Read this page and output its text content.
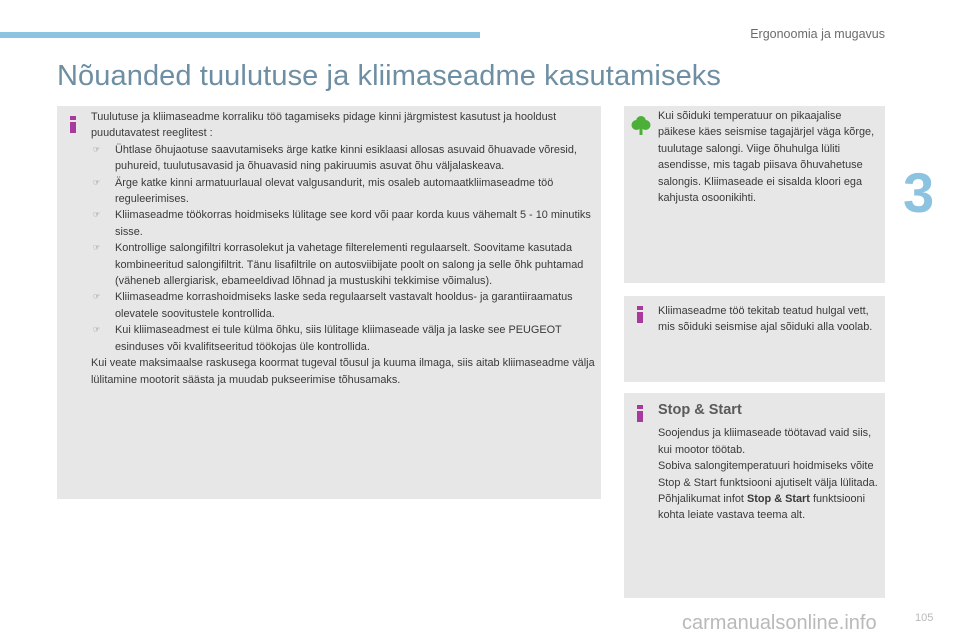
Ergonoomia ja mugavus
3
Nõuanded tuulutuse ja kliimaseadme kasutamiseks

Tuulutuse ja kliimaseadme korraliku töö tagamiseks pidage kinni järgmistest kasutust ja hooldust puudutavatest reeglitest :

☞ Ühtlase õhujaotuse saavutamiseks ärge katke kinni esiklaasi allosas asuvaid õhuavade võresid, puhureid, tuulutusavasid ja õhuavasid ning pakiruumis asuvat õhu väljalaskeava.
☞ Ärge katke kinni armatuurlaual olevat valgusandurit, mis osaleb automaatkliimaseadme töö reguleerimises.
☞ Kliimaseadme töökorras hoidmiseks lülitage see kord või paar korda kuus vähemalt 5 - 10 minutiks sisse.
☞ Kontrollige salongifiltri korrasolekut ja vahetage filterelementi regulaarselt. Soovitame kasutada kombineeritud salongifiltrit. Tänu lisafiltrile on autosviibijate poolt on salong ja selle õhk puhtamad (väheneb allergiarisk, ebameeldivad lõhnad ja mustuskihi tekkimise võimalus).
☞ Kliimaseadme korrashoidmiseks laske seda regulaarselt vastavalt hooldus- ja garantiiraamatus olevatele soovitustele kontrollida.
☞ Kui kliimaseadmest ei tule külma õhku, siis lülitage kliimaseade välja ja laske see PEUGEOT esinduses või kvalifitseeritud töökojas üle kontrollida.

Kui veate maksimaalse raskusega koormat tugeval tõusul ja kuuma ilmaga, siis aitab kliimaseadme välja lülitamine mootorit säästa ja muudab pukseerimise tõhusamaks.

Kui sõiduki temperatuur on pikaajalise päikese käes seismise tagajärjel väga kõrge, tuulutage salongi. Viige õhuhulga lüliti asendisse, mis tagab piisava õhuvahetuse salongis. Kliimaseade ei sisalda kloori ega kahjusta osoonikihti.
Kliimaseadme töö tekitab teatud hulgal vett, mis sõiduki seismise ajal sõiduki alla voolab.
Stop & Start

Soojendus ja kliimaseade töötavad vaid siis, kui mootor töötab.

Sobiva salongitemperatuuri hoidmiseks võite Stop & Start funktsiooni ajutiselt välja lülitada.

Põhjalikumat infot Stop & Start funktsiooni kohta leiate vastava teema alt.

carmanualsonline.info	105
